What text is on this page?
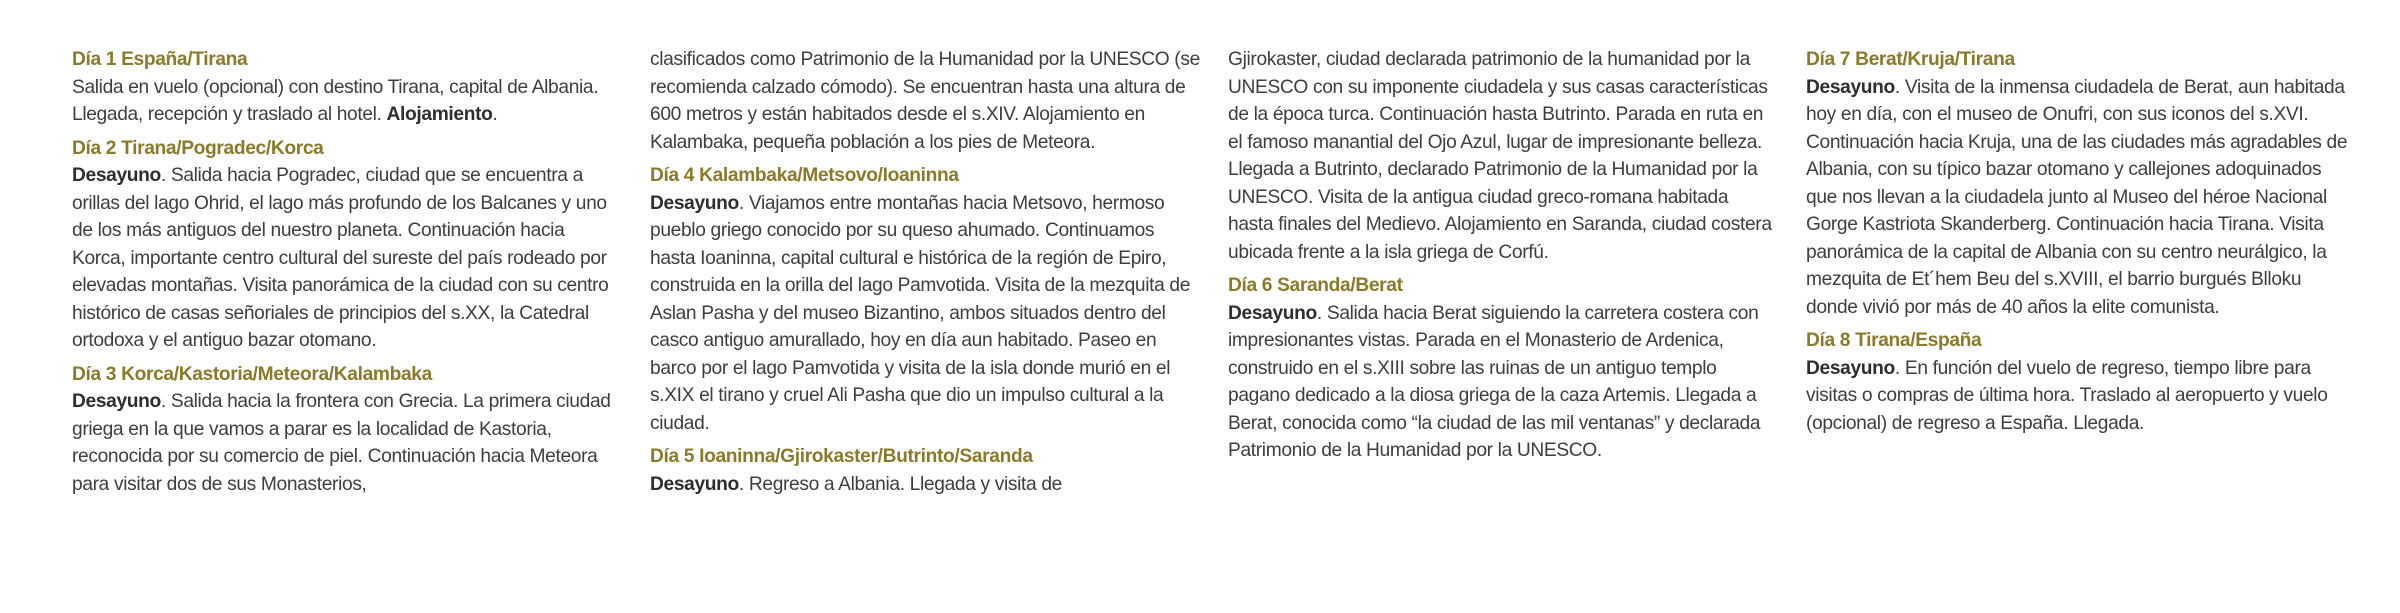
Día 1 España/Tirana
Salida en vuelo (opcional) con destino Tirana, capital de Albania. Llegada, recepción y traslado al hotel. Alojamiento.

Día 2 Tirana/Pogradec/Korca
Desayuno. Salida hacia Pogradec, ciudad que se encuentra a orillas del lago Ohrid, el lago más profundo de los Balcanes y uno de los más antiguos del nuestro planeta. Continuación hacia Korca, importante centro cultural del sureste del país rodeado por elevadas montañas. Visita panorámica de la ciudad con su centro histórico de casas señoriales de principios del s.XX, la Catedral ortodoxa y el antiguo bazar otomano.

Día 3 Korca/Kastoria/Meteora/Kalambaka
Desayuno. Salida hacia la frontera con Grecia. La primera ciudad griega en la que vamos a parar es la localidad de Kastoria, reconocida por su comercio de piel. Continuación hacia Meteora para visitar dos de sus Monasterios,

clasificados como Patrimonio de la Humanidad por la UNESCO (se recomienda calzado cómodo). Se encuentran hasta una altura de 600 metros y están habitados desde el s.XIV. Alojamiento en Kalambaka, pequeña población a los pies de Meteora.

Día 4 Kalambaka/Metsovo/Ioaninna
Desayuno. Viajamos entre montañas hacia Metsovo, hermoso pueblo griego conocido por su queso ahumado. Continuamos hasta Ioaninna, capital cultural e histórica de la región de Epiro, construida en la orilla del lago Pamvotida. Visita de la mezquita de Aslan Pasha y del museo Bizantino, ambos situados dentro del casco antiguo amurallado, hoy en día aun habitado. Paseo en barco por el lago Pamvotida y visita de la isla donde murió en el s.XIX el tirano y cruel Ali Pasha que dio un impulso cultural a la ciudad.

Día 5 Ioaninna/Gjirokaster/Butrinto/Saranda
Desayuno. Regreso a Albania. Llegada y visita de

Gjirokaster, ciudad declarada patrimonio de la humanidad por la UNESCO con su imponente ciudadela y sus casas características de la época turca. Continuación hasta Butrinto. Parada en ruta en el famoso manantial del Ojo Azul, lugar de impresionante belleza. Llegada a Butrinto, declarado Patrimonio de la Humanidad por la UNESCO. Visita de la antigua ciudad greco-romana habitada hasta finales del Medievo. Alojamiento en Saranda, ciudad costera ubicada frente a la isla griega de Corfú.

Día 6 Saranda/Berat
Desayuno. Salida hacia Berat siguiendo la carretera costera con impresionantes vistas. Parada en el Monasterio de Ardenica, construido en el s.XIII sobre las ruinas de un antiguo templo pagano dedicado a la diosa griega de la caza Artemis. Llegada a Berat, conocida como “la ciudad de las mil ventanas” y declarada Patrimonio de la Humanidad por la UNESCO.

Día 7 Berat/Kruja/Tirana
Desayuno. Visita de la inmensa ciudadela de Berat, aun habitada hoy en día, con el museo de Onufri, con sus iconos del s.XVI. Continuación hacia Kruja, una de las ciudades más agradables de Albania, con su típico bazar otomano y callejones adoquinados que nos llevan a la ciudadela junto al Museo del héroe Nacional Gorge Kastriota Skanderberg. Continuación hacia Tirana. Visita panorámica de la capital de Albania con su centro neurálgico, la mezquita de Et´hem Beu del s.XVIII, el barrio burgués Blloku donde vivió por más de 40 años la elite comunista.

Día 8 Tirana/España
Desayuno. En función del vuelo de regreso, tiempo libre para visitas o compras de última hora. Traslado al aeropuerto y vuelo (opcional) de regreso a España. Llegada.
